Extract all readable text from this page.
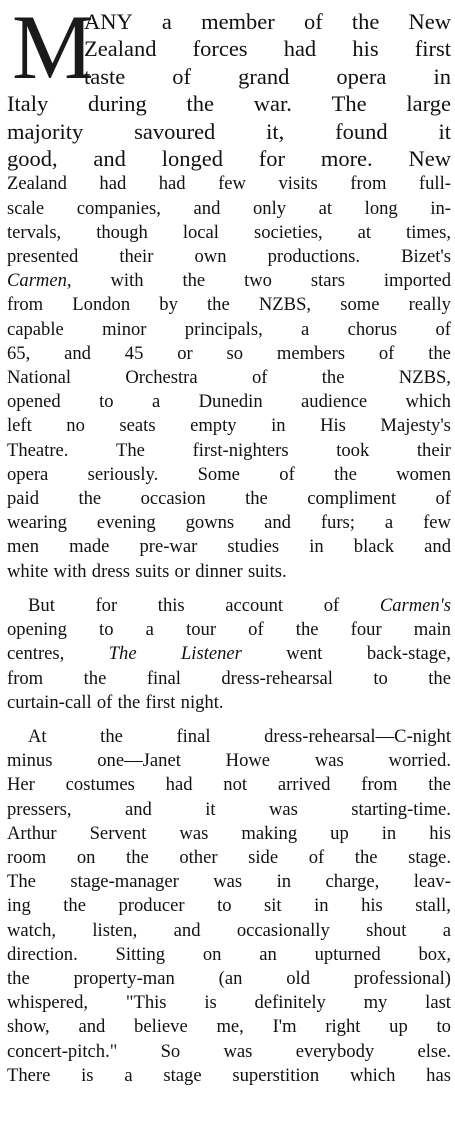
M
ANY a member of the New
Zealand forces had his first
taste of grand opera in
Italy during the war. The large
majority savoured it, found it
good, and longed for more. New
Zealand had had few visits from full-
scale companies, and only at long in-
tervals, though local societies, at times,
presented their own productions. Bizet's
Carmen, with the two stars imported
from London by the NZBS, some really
capable minor principals, a chorus of
65, and 45 or so members of the
National	Orchestra	of	the	NZBS,
opened to a Dunedin audience which
left no seats empty in His Majesty's
Theatre.	The	first-nighters	took	their
opera seriously. Some of the women
paid the occasion the compliment of
wearing evening gowns and furs; a few
men made pre-war studies in black and
white with dress suits or dinner suits.
But for this account of Carmen's
opening to a tour of the four main
centres, The Listener went back-stage,
from the final dress-rehearsal to the
curtain-call of the first night.
At	the	final	dress-rehearsal—C-night
minus one—Janet Howe was worried.
Her costumes had not arrived from the
pressers,	and	it	was	starting-time.
Arthur Servent was making up in his
room on the other side of the stage.
The stage-manager was in charge, leav-
ing the producer to sit in his stall,
watch, listen, and occasionally shout a
direction. Sitting on an upturned box,
the property-man (an old professional)
whispered, "This is definitely my last
show, and believe me, I'm right up to
concert-pitch." So was everybody else.
There is a stage superstition which has
